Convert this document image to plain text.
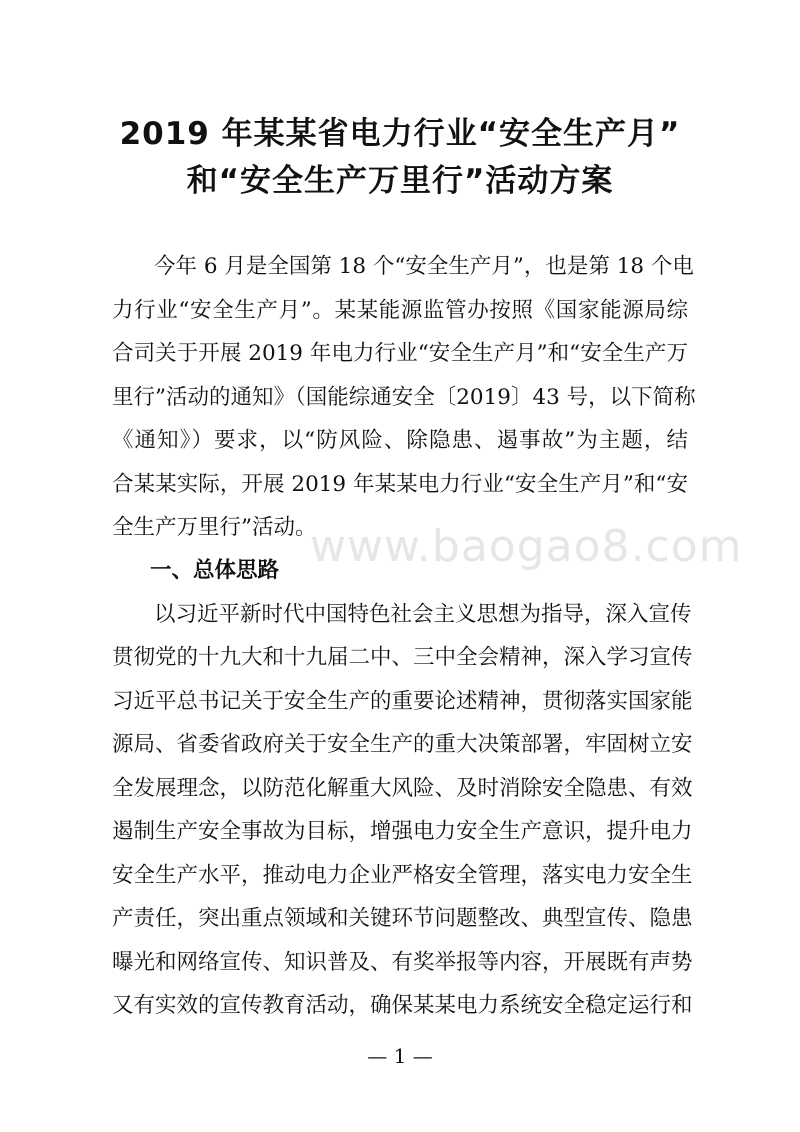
2019 年某某省电力行业“安全生产月”
和“安全生产万里行”活动方案
今年 6 月是全国第 18 个“安全生产月”，也是第 18 个电
力行业“安全生产月”。某某能源监管办按照《国家能源局综
合司关于开展 2019 年电力行业“安全生产月”和“安全生产万
里行”活动的通知》（国能综通安全〔2019〕43 号，以下简称
《通知》）要求，以“防风险、除隐患、遏事故”为主题，结
合某某实际，开展 2019 年某某电力行业“安全生产月”和“安
全生产万里行”活动。
www.baogao8.com
一、总体思路
以习近平新时代中国特色社会主义思想为指导，深入宣传
贯彻党的十九大和十九届二中、三中全会精神，深入学习宣传
习近平总书记关于安全生产的重要论述精神，贯彻落实国家能
源局、省委省政府关于安全生产的重大决策部署，牢固树立安
全发展理念，以防范化解重大风险、及时消除安全隐患、有效
遏制生产安全事故为目标，增强电力安全生产意识，提升电力
安全生产水平，推动电力企业严格安全管理，落实电力安全生
产责任，突出重点领域和关键环节问题整改、典型宣传、隐患
曝光和网络宣传、知识普及、有奖举报等内容，开展既有声势
又有实效的宣传教育活动，确保某某电力系统安全稳定运行和
— 1 —
